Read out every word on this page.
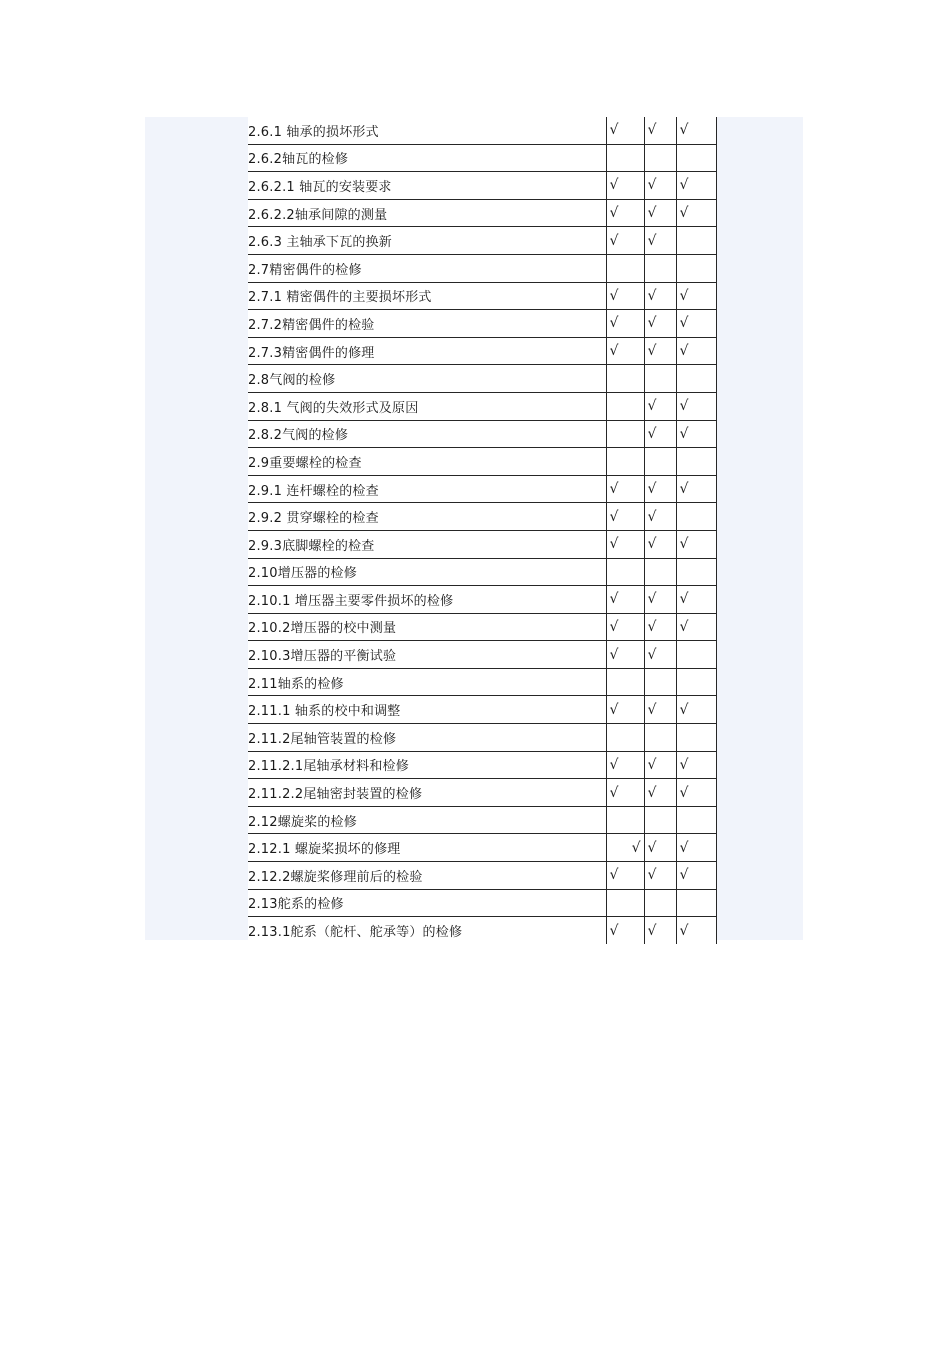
2.6.1 轴承的损坏形式	√	√	√
2.6.2轴瓦的检修			
2.6.2.1 轴瓦的安装要求	√	√	√
2.6.2.2轴承间隙的测量	√	√	√
2.6.3 主轴承下瓦的换新	√	√	
2.7精密偶件的检修			
2.7.1 精密偶件的主要损坏形式	√	√	√
2.7.2精密偶件的检验	√	√	√
2.7.3精密偶件的修理	√	√	√
2.8气阀的检修			
2.8.1 气阀的失效形式及原因		√	√
2.8.2气阀的检修		√	√
2.9重要螺栓的检查			
2.9.1 连杆螺栓的检查	√	√	√
2.9.2 贯穿螺栓的检查	√	√	
2.9.3底脚螺栓的检查	√	√	√
2.10增压器的检修			
2.10.1 增压器主要零件损坏的检修	√	√	√
2.10.2增压器的校中测量	√	√	√
2.10.3增压器的平衡试验	√	√	
2.11轴系的检修			
2.11.1 轴系的校中和调整	√	√	√
2.11.2尾轴管装置的检修			
2.11.2.1尾轴承材料和检修	√	√	√
2.11.2.2尾轴密封装置的检修	√	√	√
2.12螺旋桨的检修			
2.12.1 螺旋桨损坏的修理	√	√	√
2.12.2螺旋桨修理前后的检验	√	√	√
2.13舵系的检修			
2.13.1舵系（舵杆、舵承等）的检修	√	√	√
